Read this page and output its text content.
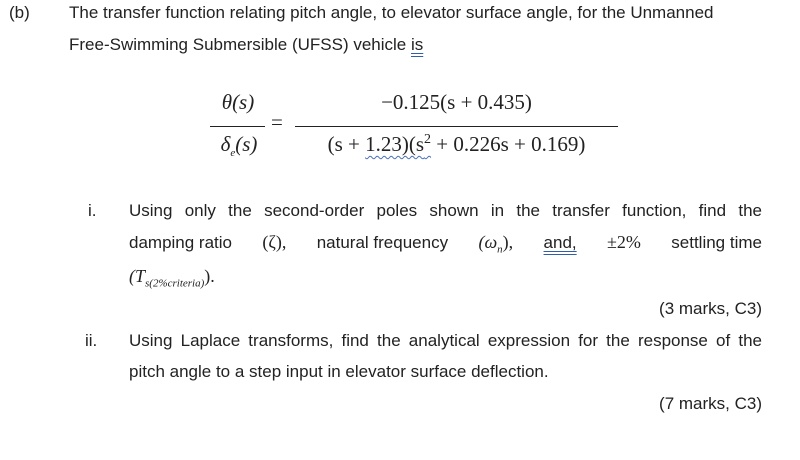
(b) The transfer function relating pitch angle, to elevator surface angle, for the Unmanned
Free-Swimming Submersible (UFSS) vehicle is
θ(s)
$\delta_e(s)$
=
−0.125(s + 0.435)
$(s + 1.23)(s^2 + 0.226s + 0.169)$
i. Using only the second-order poles shown in the transfer function, find the
damping ratio (ζ), natural frequency $(\omega_n)$, and, ±2% settling time
$(T_{s(2\%criteria)})$.
(3 marks, C3)
ii. Using Laplace transforms, find the analytical expression for the response of the
pitch angle to a step input in elevator surface deflection.
(7 marks, C3)
